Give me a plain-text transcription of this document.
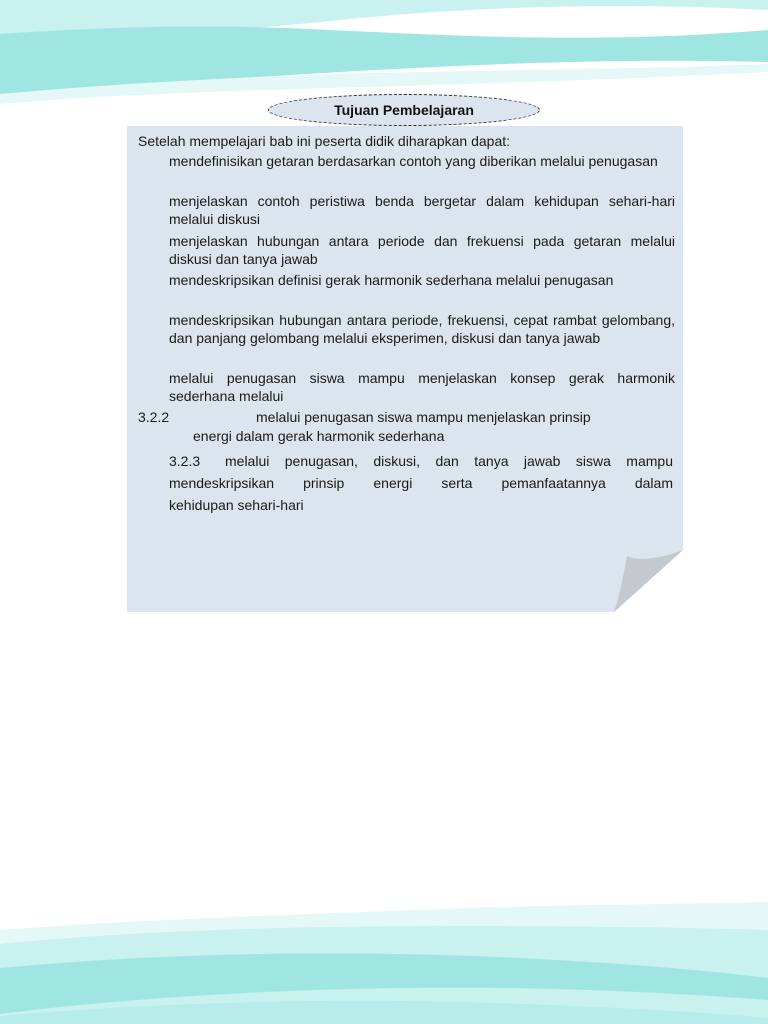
Tujuan Pembelajaran
Setelah mempelajari bab ini peserta didik diharapkan dapat:
mendefinisikan getaran berdasarkan contoh yang diberikan melalui penugasan
menjelaskan contoh peristiwa benda bergetar dalam kehidupan sehari-hari melalui diskusi
menjelaskan hubungan antara periode dan frekuensi pada getaran melalui diskusi dan tanya jawab
mendeskripsikan definisi gerak harmonik sederhana melalui penugasan
mendeskripsikan hubungan antara periode, frekuensi, cepat rambat gelombang, dan panjang gelombang melalui eksperimen, diskusi dan tanya jawab
melalui penugasan siswa mampu menjelaskan konsep gerak harmonik sederhana melalui
3.2.2	melalui penugasan siswa mampu menjelaskan prinsip
energi dalam gerak harmonik sederhana
3.2.3 melalui penugasan, diskusi, dan tanya jawab siswa mampu
mendeskripsikan prinsip energi serta pemanfaatannya dalam
kehidupan sehari-hari
